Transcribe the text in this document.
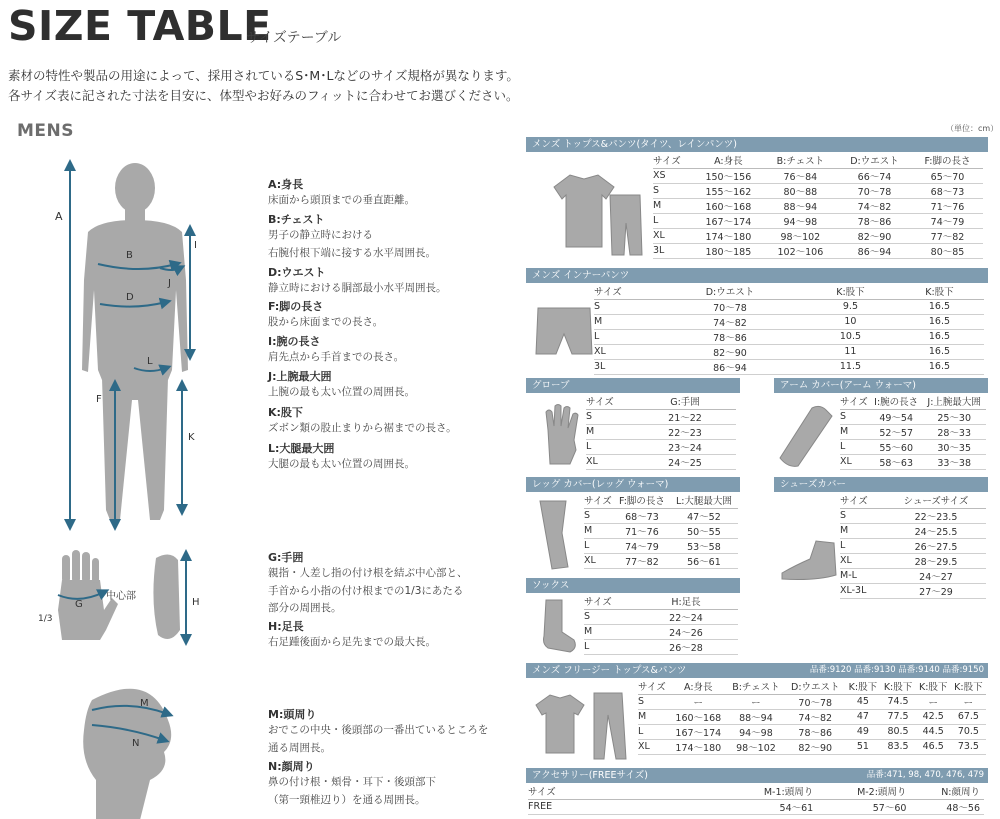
SIZE TABLE
サイズテーブル
素材の特性や製品の用途によって、採用されているS･M･Lなどのサイズ規格が異なります。
各サイズ表に記された寸法を目安に、体型やお好みのフィットに合わせてお選びください。
MENS	（単位：cm）
A
B
D
I
J
L
F
K
G
中心部
1/3
H
M
N
A:身長
床面から頭頂までの垂直距離。
B:チェスト
男子の静立時における
右腕付根下端に接する水平周囲長。
D:ウエスト
静立時における胴部最小水平周囲長。
F:脚の長さ
股から床面までの長さ。
I:腕の長さ
肩先点から手首までの長さ。
J:上腕最大囲
上腕の最も太い位置の周囲長。
K:股下
ズボン類の股止まりから裾までの長さ。
L:大腿最大囲
大腿の最も太い位置の周囲長。
G:手囲
親指・人差し指の付け根を結ぶ中心部と、
手首から小指の付け根までの1/3にあたる
部分の周囲長。
H:足長
右足踵後面から足先までの最大長。
M:頭周り
おでこの中央・後頭部の一番出ているところを
通る周囲長。
N:顔周り
鼻の付け根・頬骨・耳下・後頭部下
（第一頸椎辺り）を通る周囲長。
メンズ トップス&パンツ(タイツ、レインパンツ)
サイズ	A:身長	B:チェスト	D:ウエスト	F:脚の長さ
XS	150〜156	76〜84	66〜74	65〜70
S	155〜162	80〜88	70〜78	68〜73
M	160〜168	88〜94	74〜82	71〜76
L	167〜174	94〜98	78〜86	74〜79
XL	174〜180	98〜102	82〜90	77〜82
3L	180〜185	102〜106	86〜94	80〜85
メンズ インナーパンツ
サイズ	D:ウエスト	K:股下	K:股下
S	70〜78	9.5	16.5
M	74〜82	10	16.5
L	78〜86	10.5	16.5
XL	82〜90	11	16.5
3L	86〜94	11.5	16.5
グローブ
サイズ	G:手囲
S	21〜22
M	22〜23
L	23〜24
XL	24〜25
アーム カバー(アーム ウォーマ)
サイズ	I:腕の長さ	J:上腕最大囲
S	49〜54	25〜30
M	52〜57	28〜33
L	55〜60	30〜35
XL	58〜63	33〜38
レッグ カバー(レッグ ウォーマ)
サイズ	F:脚の長さ	L:大腿最大囲
S	68〜73	47〜52
M	71〜76	50〜55
L	74〜79	53〜58
XL	77〜82	56〜61
シューズカバー
サイズ	シューズサイズ
S	22〜23.5
M	24〜25.5
L	26〜27.5
XL	28〜29.5
M-L	24〜27
XL-3L	27〜29
ソックス
サイズ	H:足長
S	22〜24
M	24〜26
L	26〜28
メンズ フリージー トップス&パンツ	品番:9120 品番:9130 品番:9140 品番:9150
サイズ	A:身長	B:チェスト	D:ウエスト	K:股下	K:股下	K:股下	K:股下
S	ー	ー	70〜78	45	74.5	ー	ー
M	160〜168	88〜94	74〜82	47	77.5	42.5	67.5
L	167〜174	94〜98	78〜86	49	80.5	44.5	70.5
XL	174〜180	98〜102	82〜90	51	83.5	46.5	73.5
アクセサリー(FREEサイズ)	品番:471, 98, 470, 476, 479
サイズ	M-1:頭周り	M-2:頭周り	N:顔周り
FREE	54〜61	57〜60	48〜56
